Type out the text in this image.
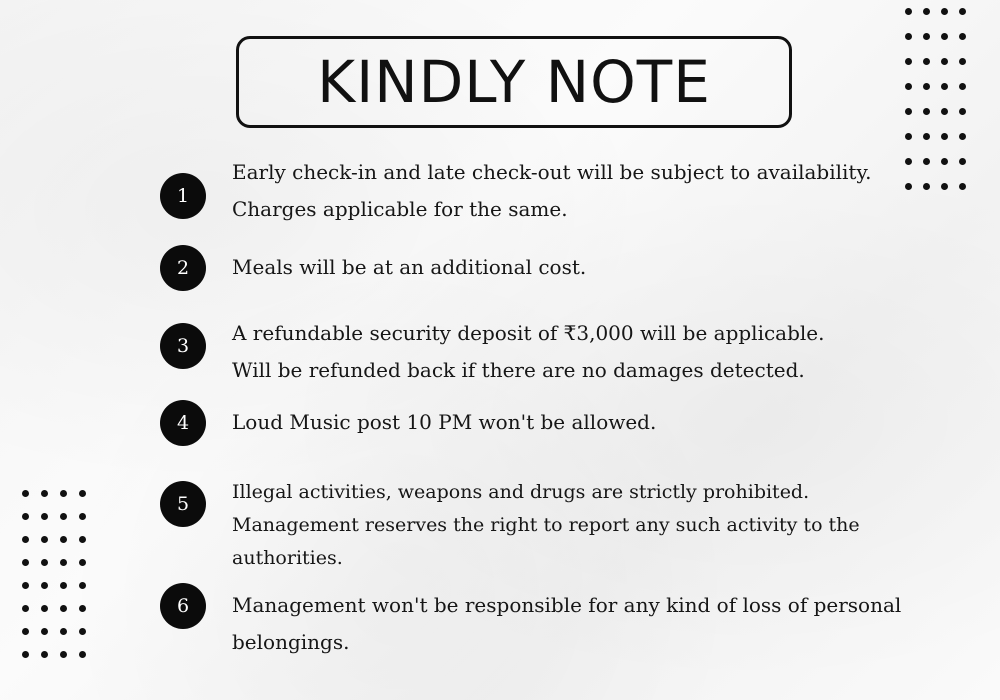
KINDLY NOTE
1
Early check-in and late check-out will be subject to availability.
Charges applicable for the same.
2	Meals will be at an additional cost.
3
A refundable security deposit of ₹3,000 will be applicable.
Will be refunded back if there are no damages detected.
4	Loud Music post 10 PM won't be allowed.
5
Illegal activities, weapons and drugs are strictly prohibited.
Management reserves the right to report any such activity to the
authorities.
6	Management won't be responsible for any kind of loss of personal
belongings.
